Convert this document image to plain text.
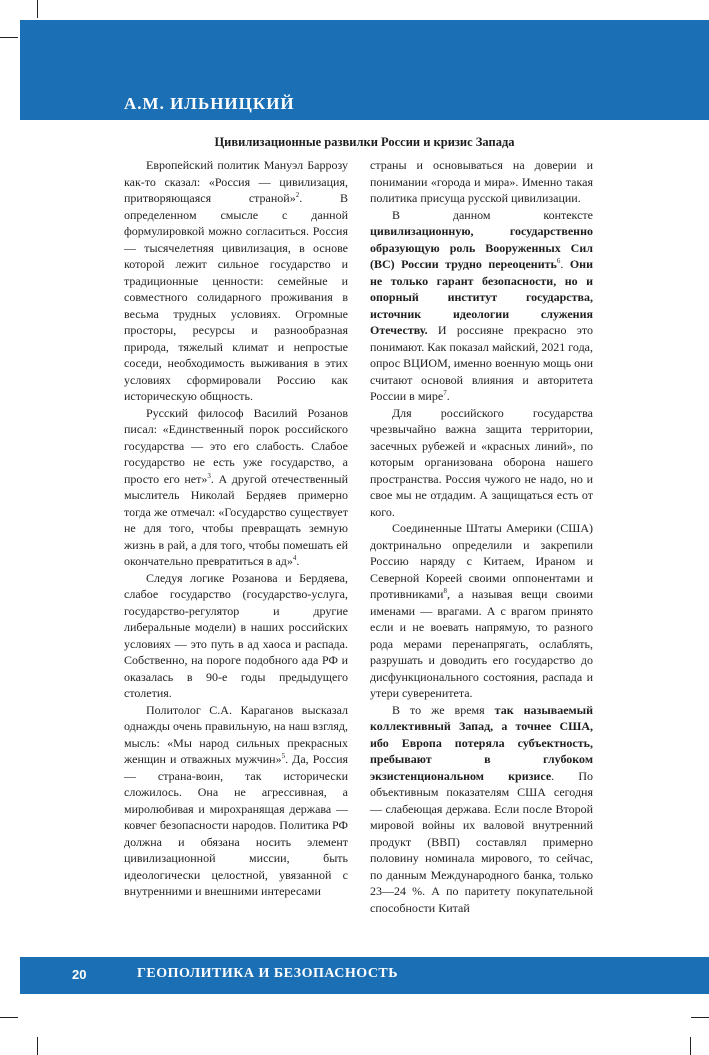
А.М. ИЛЬНИЦКИЙ
Цивилизационные развилки России и кризис Запада

Европейский политик Мануэл Баррозу как-то сказал: «Россия — цивилизация, притворяющаяся страной»$^2$. В определенном смысле с данной формулировкой можно согласиться. Россия — тысячелетняя цивилизация, в основе которой лежит сильное государство и традиционные ценности: семейные и совместного солидарного проживания в весьма трудных условиях. Огромные просторы, ресурсы и разнообразная природа, тяжелый климат и непростые соседи, необходимость выживания в этих условиях сформировали Россию как историческую общность.

Русский философ Василий Розанов писал: «Единственный порок российского государства — это его слабость. Слабое государство не есть уже государство, а просто его нет»$^3$. А другой отечественный мыслитель Николай Бердяев примерно тогда же отмечал: «Государство существует не для того, чтобы превращать земную жизнь в рай, а для того, чтобы помешать ей окончательно превратиться в ад»$^4$.

Следуя логике Розанова и Бердяева, слабое государство (государство-услуга, государство-регулятор и другие либеральные модели) в наших российских условиях — это путь в ад хаоса и распада. Собственно, на пороге подобного ада РФ и оказалась в 90-е годы предыдущего столетия.

Политолог С.А. Караганов высказал однажды очень правильную, на наш взгляд, мысль: «Мы народ сильных прекрасных женщин и отважных мужчин»$^5$. Да, Россия — страна-воин, так исторически сложилось. Она не агрессивная, а миролюбивая и мирохранящая держава — ковчег безопасности народов. Политика РФ должна и обязана носить элемент цивилизационной миссии, быть идеологически целостной, увязанной с внутренними и внешними интересами

страны и основываться на доверии и понимании «города и мира». Именно такая политика присуща русской цивилизации.

В данном контексте цивилизационную, государственно образующую роль Вооруженных Сил (ВС) России трудно переоценить$^6$. Они не только гарант безопасности, но и опорный институт государства, источник идеологии служения Отечеству. И россияне прекрасно это понимают. Как показал майский, 2021 года, опрос ВЦИОМ, именно военную мощь они считают основой влияния и авторитета России в мире$^7$.

Для российского государства чрезвычайно важна защита территории, засечных рубежей и «красных линий», по которым организована оборона нашего пространства. Россия чужого не надо, но и свое мы не отдадим. А защищаться есть от кого.

Соединенные Штаты Америки (США) доктринально определили и закрепили Россию наряду с Китаем, Ираном и Северной Кореей своими оппонентами и противниками$^8$, а называя вещи своими именами — врагами. А с врагом принято если и не воевать напрямую, то разного рода мерами перенапрягать, ослаблять, разрушать и доводить его государство до дисфункционального состояния, распада и утери суверенитета.

В то же время так называемый коллективный Запад, а точнее США, ибо Европа потеряла субъектность, пребывают в глубоком экзистенциональном кризисе. По объективным показателям США сегодня — слабеющая держава. Если после Второй мировой войны их валовой внутренний продукт (ВВП) составлял примерно половину номинала мирового, то сейчас, по данным Международного банка, только 23—24 %. А по паритету покупательной способности Китай

20	ГЕОПОЛИТИКА И БЕЗОПАСНОСТЬ
